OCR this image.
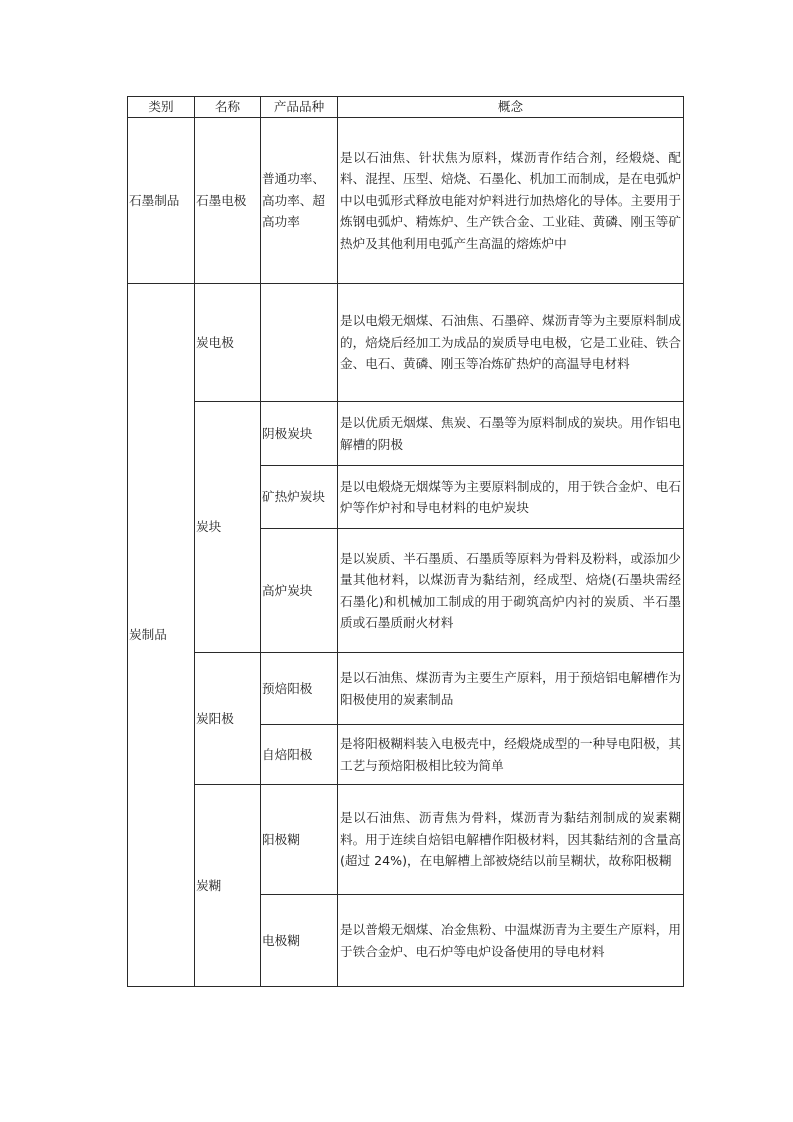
类别	名称	产品品种	概念
石墨制品	石墨电极	普通功率、高功率、超高功率	是以石油焦、针状焦为原料，煤沥青作结合剂，经煅烧、配料、混捏、压型、焙烧、石墨化、机加工而制成，是在电弧炉中以电弧形式释放电能对炉料进行加热熔化的导体。主要用于炼钢电弧炉、精炼炉、生产铁合金、工业硅、黄磷、刚玉等矿热炉及其他利用电弧产生高温的熔炼炉中
炭制品	炭电极		是以电煅无烟煤、石油焦、石墨碎、煤沥青等为主要原料制成的，焙烧后经加工为成品的炭质导电电极，它是工业硅、铁合金、电石、黄磷、刚玉等冶炼矿热炉的高温导电材料
	炭块	阴极炭块	是以优质无烟煤、焦炭、石墨等为原料制成的炭块。用作铝电解槽的阴极
		矿热炉炭块	是以电煅烧无烟煤等为主要原料制成的，用于铁合金炉、电石炉等作炉衬和导电材料的电炉炭块
		高炉炭块	是以炭质、半石墨质、石墨质等原料为骨料及粉料，或添加少量其他材料，以煤沥青为黏结剂，经成型、焙烧(石墨块需经石墨化)和机械加工制成的用于砌筑高炉内衬的炭质、半石墨质或石墨质耐火材料
	炭阳极	预焙阳极	是以石油焦、煤沥青为主要生产原料，用于预焙铝电解槽作为阳极使用的炭素制品
		自焙阳极	是将阳极糊料装入电极壳中，经煅烧成型的一种导电阳极，其工艺与预焙阳极相比较为简单
	炭糊	阳极糊	是以石油焦、沥青焦为骨料，煤沥青为黏结剂制成的炭素糊料。用于连续自焙铝电解槽作阳极材料，因其黏结剂的含量高(超过 24%)，在电解槽上部被烧结以前呈糊状，故称阳极糊
		电极糊	是以普煅无烟煤、冶金焦粉、中温煤沥青为主要生产原料，用于铁合金炉、电石炉等电炉设备使用的导电材料
